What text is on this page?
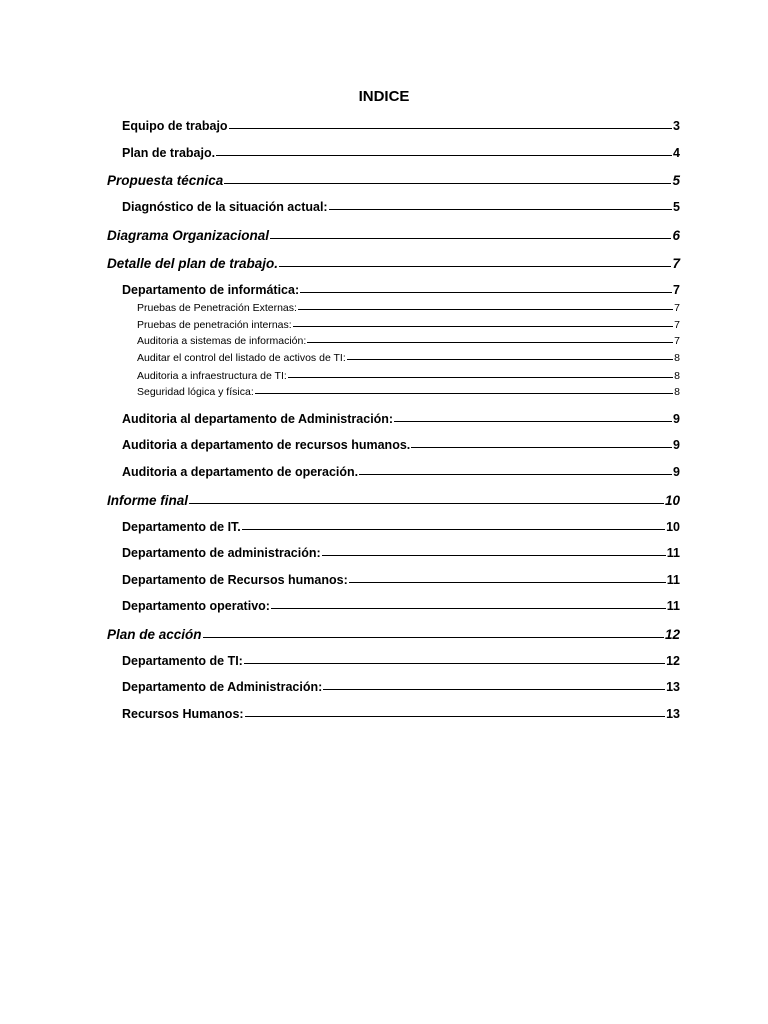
INDICE
Equipo de trabajo	3
Plan de trabajo.	4
Propuesta técnica	5
Diagnóstico de la situación actual:	5
Diagrama Organizacional	6
Detalle del plan de trabajo.	7
Departamento de informática:	7
Pruebas de Penetración Externas:	7
Pruebas de penetración internas:	7
Auditoria a sistemas de información:	7
Auditar el control del listado de activos de TI:	8
Auditoria a infraestructura de TI:	8
Seguridad lógica y física:	8
Auditoria al departamento de Administración:	9
Auditoria a departamento de recursos humanos.	9
Auditoria a departamento de operación.	9
Informe final	10
Departamento de IT.	10
Departamento de administración:	11
Departamento de Recursos humanos:	11
Departamento operativo:	11
Plan de acción	12
Departamento de TI:	12
Departamento de Administración:	13
Recursos Humanos:	13
